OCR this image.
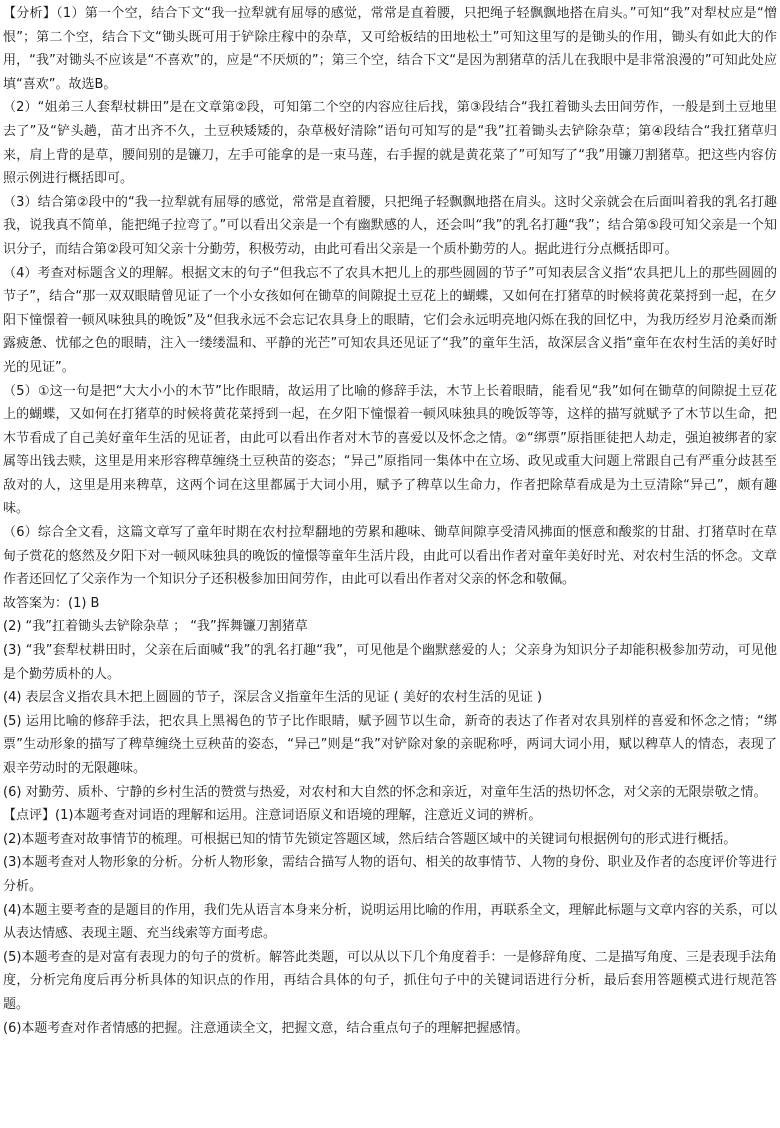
【分析】（1）第一个空，结合下文“我一拉犁就有屈辱的感觉，常常是直着腰，只把绳子轻飘飘地搭在肩头。”可知“我”对犁杖应是“憎恨”；第二个空，结合下文“锄头既可用于铲除庄稼中的杂草，又可给板结的田地松土”可知这里写的是锄头的作用，锄头有如此大的作用，“我”对锄头不应该是“不喜欢”的，应是“不厌烦的”；第三个空，结合下文“是因为割猪草的活儿在我眼中是非常浪漫的”可知此处应填“喜欢”。故选B。

（2）“姐弟三人套犁杖耕田”是在文章第②段，可知第二个空的内容应往后找，第③段结合“我扛着锄头去田间劳作，一般是到土豆地里去了”及“铲头趟，苗才出齐不久，土豆秧矮矮的，杂草极好清除”语句可知写的是“我”扛着锄头去铲除杂草；第④段结合“我扛猪草归来，肩上背的是草，腰间别的是镰刀，左手可能拿的是一束马莲，右手握的就是黄花菜了”可知写了“我”用镰刀割猪草。把这些内容仿照示例进行概括即可。

（3）结合第②段中的“我一拉犁就有屈辱的感觉，常常是直着腰，只把绳子轻飘飘地搭在肩头。这时父亲就会在后面叫着我的乳名打趣我，说我真不简单，能把绳子拉弯了。”可以看出父亲是一个有幽默感的人，还会叫“我”的乳名打趣“我”；结合第⑤段可知父亲是一个知识分子，而结合第②段可知父亲十分勤劳，积极劳动，由此可看出父亲是一个质朴勤劳的人。据此进行分点概括即可。

（4）考查对标题含义的理解。根据文末的句子“但我忘不了农具木把儿上的那些圆圆的节子”可知表层含义指“农具把儿上的那些圆圆的节子”，结合“那一双双眼睛曾见证了一个小女孩如何在锄草的间隙捉土豆花上的蝴蝶，又如何在打猪草的时候将黄花菜捋到一起，在夕阳下憧憬着一顿风味独具的晚饭”及“但我永远不会忘记农具身上的眼睛，它们会永远明亮地闪烁在我的回忆中，为我历经岁月沧桑而渐露疲惫、忧郁之色的眼睛，注入一缕缕温和、平静的光芒”可知农具还见证了“我”的童年生活，故深层含义指“童年在农村生活的美好时光的见证”。

（5）①这一句是把“大大小小的木节”比作眼睛，故运用了比喻的修辞手法，木节上长着眼睛，能看见“我”如何在锄草的间隙捉土豆花上的蝴蝶，又如何在打猪草的时候将黄花菜捋到一起，在夕阳下憧憬着一顿风味独具的晚饭等等，这样的描写就赋予了木节以生命，把木节看成了自己美好童年生活的见证者，由此可以看出作者对木节的喜爱以及怀念之情。②“绑票”原指匪徒把人劫走，强迫被绑者的家属等出钱去赎，这里是用来形容稗草缠绕土豆秧苗的姿态；“异己”原指同一集体中在立场、政见或重大问题上常跟自己有严重分歧甚至敌对的人，这里是用来稗草，这两个词在这里都属于大词小用，赋予了稗草以生命力，作者把除草看成是为土豆清除“异己”，颇有趣味。

（6）综合全文看，这篇文章写了童年时期在农村拉犁翻地的劳累和趣味、锄草间隙享受清风拂面的惬意和酸浆的甘甜、打猪草时在草甸子赏花的悠然及夕阳下对一顿风味独具的晚饭的憧憬等童年生活片段，由此可以看出作者对童年美好时光、对农村生活的怀念。文章作者还回忆了父亲作为一个知识分子还积极参加田间劳作，由此可以看出作者对父亲的怀念和敬佩。

故答案为：(1) B

(2) “我”扛着锄头去铲除杂草 ； “我”挥舞镰刀割猪草

(3) “我”套犁杖耕田时，父亲在后面喊“我”的乳名打趣“我”，可见他是个幽默慈爱的人；父亲身为知识分子却能积极参加劳动，可见他是个勤劳质朴的人。

(4) 表层含义指农具木把上圆圆的节子，深层含义指童年生活的见证 ( 美好的农村生活的见证 )

(5) 运用比喻的修辞手法，把农具上黑褐色的节子比作眼睛，赋予圆节以生命，新奇的表达了作者对农具别样的喜爱和怀念之情；“绑票”生动形象的描写了稗草缠绕土豆秧苗的姿态，“异己”则是“我”对铲除对象的亲昵称呼，两词大词小用，赋以稗草人的情态，表现了艰辛劳动时的无限趣味。

(6) 对勤劳、质朴、宁静的乡村生活的赞赏与热爱，对农村和大自然的怀念和亲近，对童年生活的热切怀念，对父亲的无限崇敬之情。

【点评】(1)本题考查对词语的理解和运用。注意词语原义和语境的理解，注意近义词的辨析。

(2)本题考查对故事情节的梳理。可根据已知的情节先锁定答题区域，然后结合答题区域中的关键词句根据例句的形式进行概括。

(3)本题考查对人物形象的分析。分析人物形象，需结合描写人物的语句、相关的故事情节、人物的身份、职业及作者的态度评价等进行分析。

(4)本题主要考查的是题目的作用，我们先从语言本身来分析，说明运用比喻的作用，再联系全文，理解此标题与文章内容的关系，可以从表达情感、表现主题、充当线索等方面考虑。

(5)本题考查的是对富有表现力的句子的赏析。解答此类题，可以从以下几个角度着手：一是修辞角度、二是描写角度、三是表现手法角度，分析完角度后再分析具体的知识点的作用，再结合具体的句子，抓住句子中的关键词语进行分析，最后套用答题模式进行规范答题。

(6)本题考查对作者情感的把握。注意通读全文，把握文意，结合重点句子的理解把握感情。
